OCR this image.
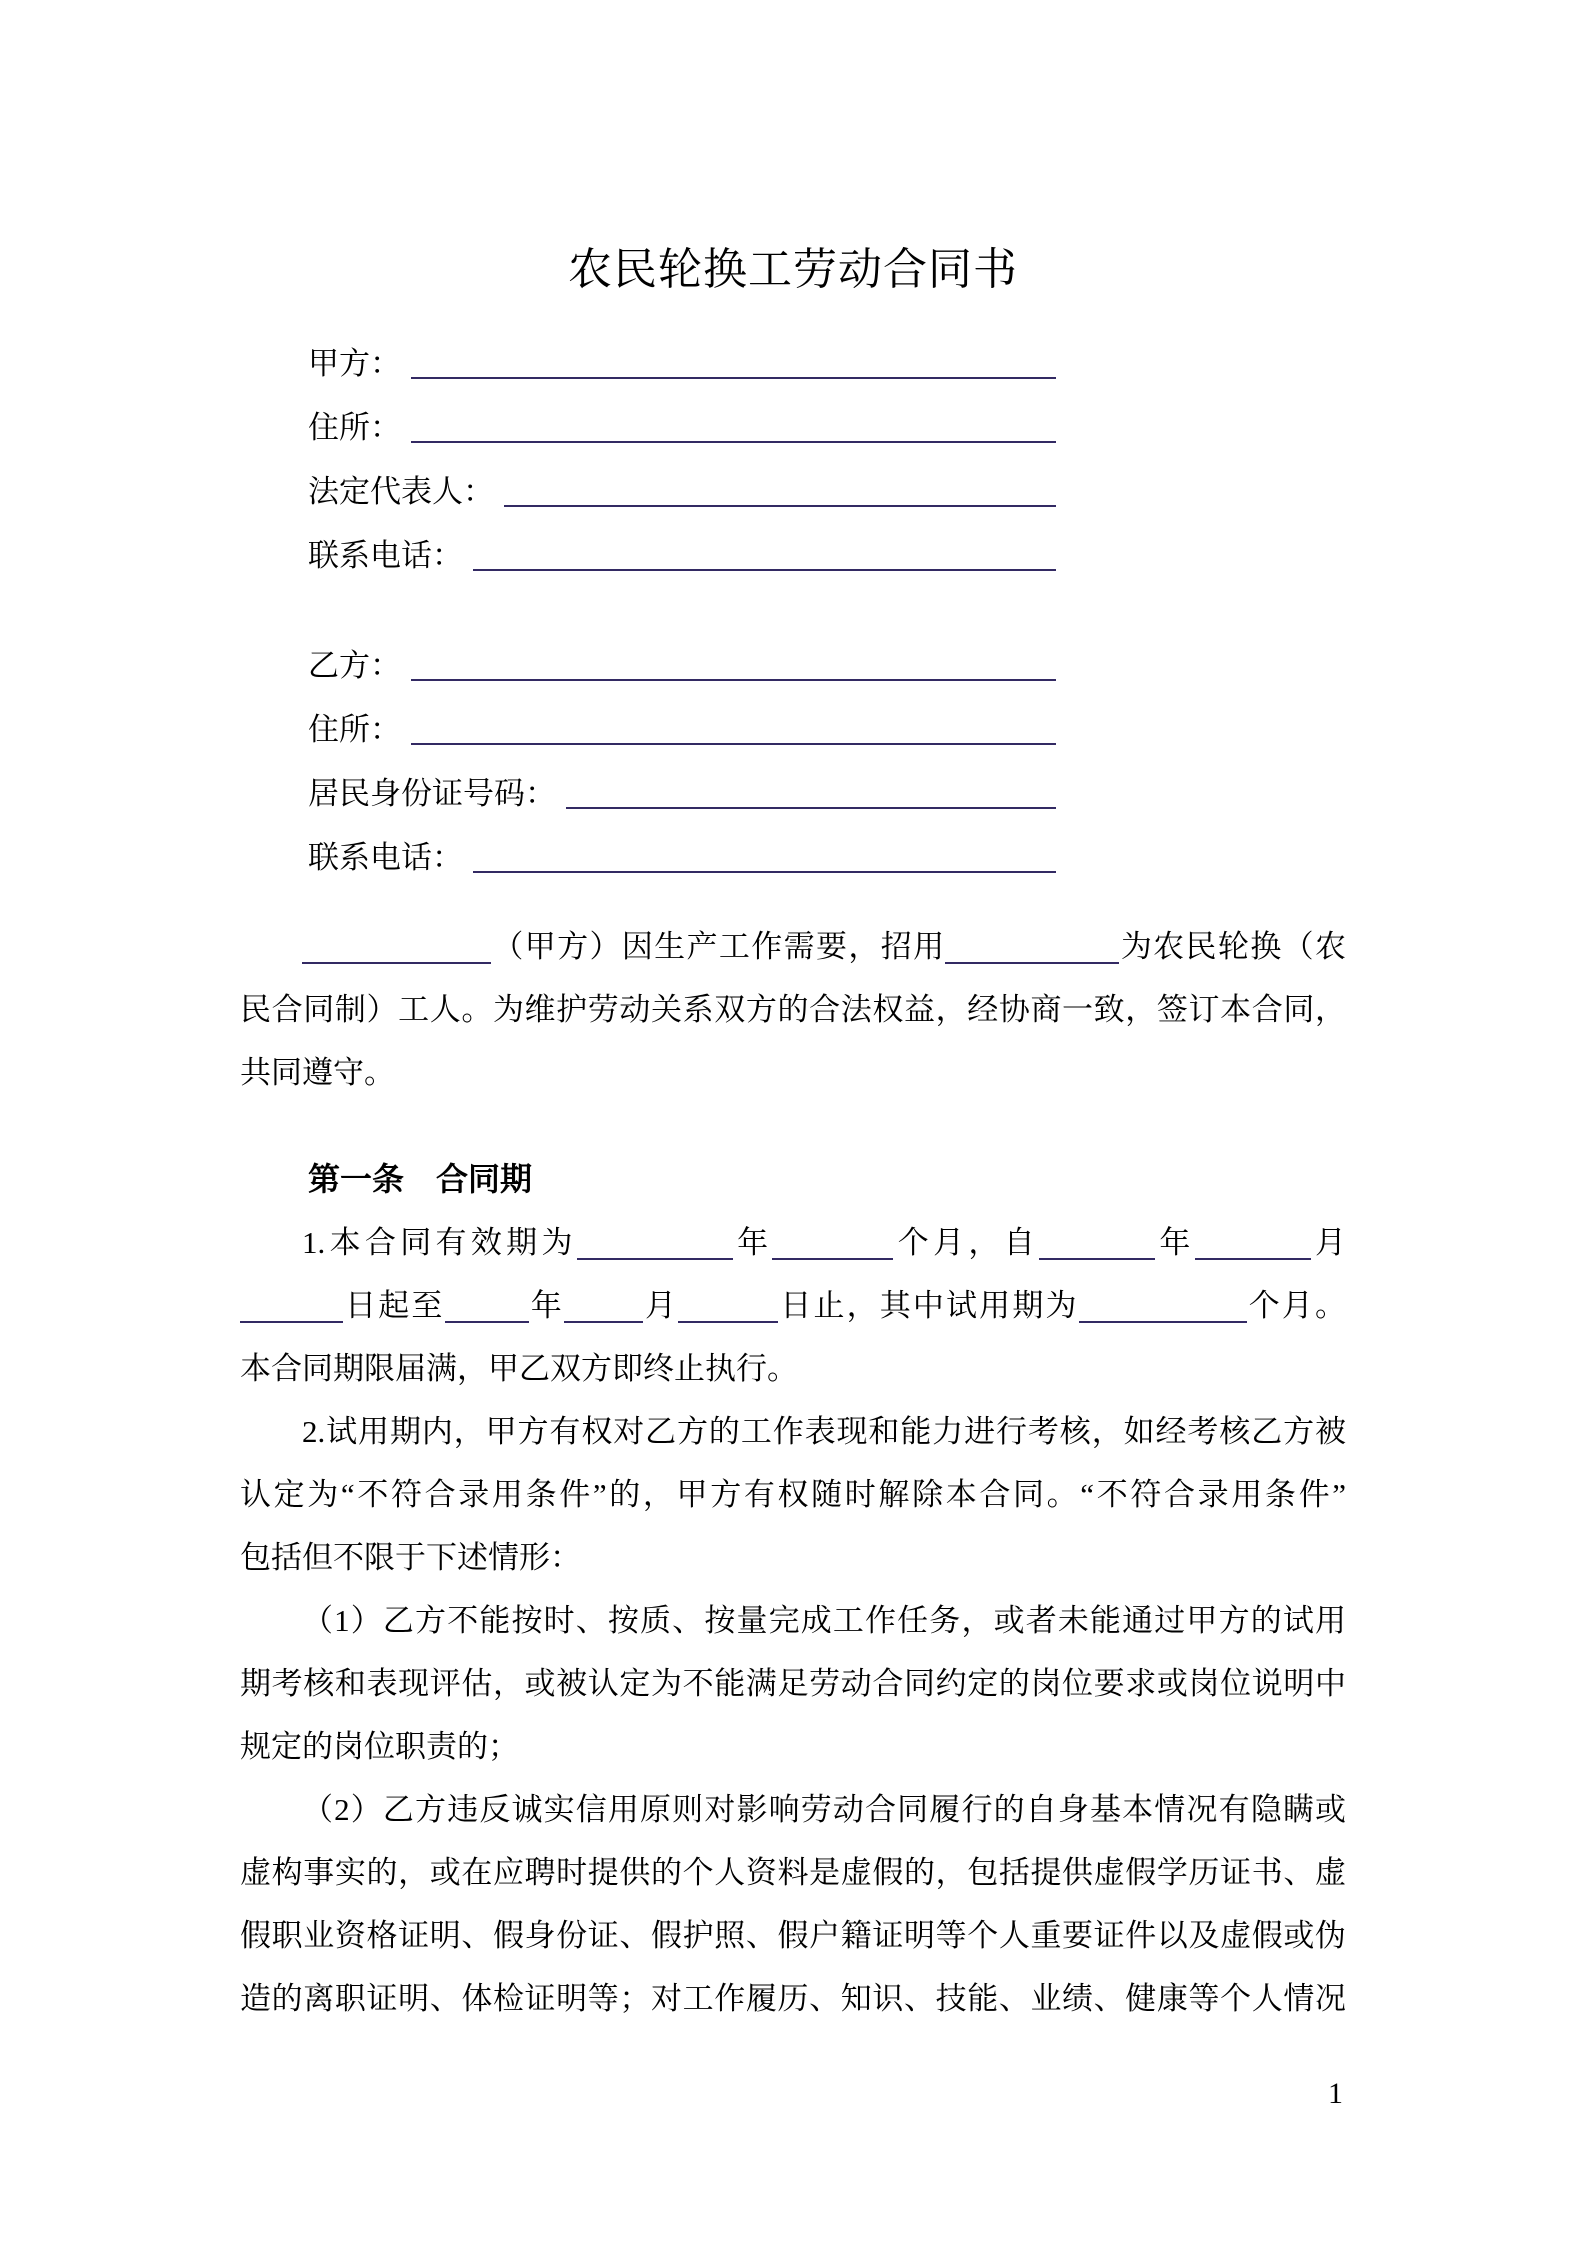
农民轮换工劳动合同书
甲方：
住所：
法定代表人：
联系电话：
乙方：
住所：
居民身份证号码：
联系电话：
（甲方）因生产工作需要，招用	为农民轮换（农
民合同制）工人。为维护劳动关系双方的合法权益，经协商一致，签订本合同，
共同遵守。
第一条　合同期
1.本合同有效期为	年	个月，自	年	月
日起至	年	月	日止，其中试用期为	个月。
本合同期限届满，甲乙双方即终止执行。
2.试用期内，甲方有权对乙方的工作表现和能力进行考核，如经考核乙方被
认定为“不符合录用条件”的，甲方有权随时解除本合同。“不符合录用条件”
包括但不限于下述情形：
（1）乙方不能按时、按质、按量完成工作任务，或者未能通过甲方的试用
期考核和表现评估，或被认定为不能满足劳动合同约定的岗位要求或岗位说明中
规定的岗位职责的；
（2）乙方违反诚实信用原则对影响劳动合同履行的自身基本情况有隐瞒或
虚构事实的，或在应聘时提供的个人资料是虚假的，包括提供虚假学历证书、虚
假职业资格证明、假身份证、假护照、假户籍证明等个人重要证件以及虚假或伪
造的离职证明、体检证明等；对工作履历、知识、技能、业绩、健康等个人情况
1
